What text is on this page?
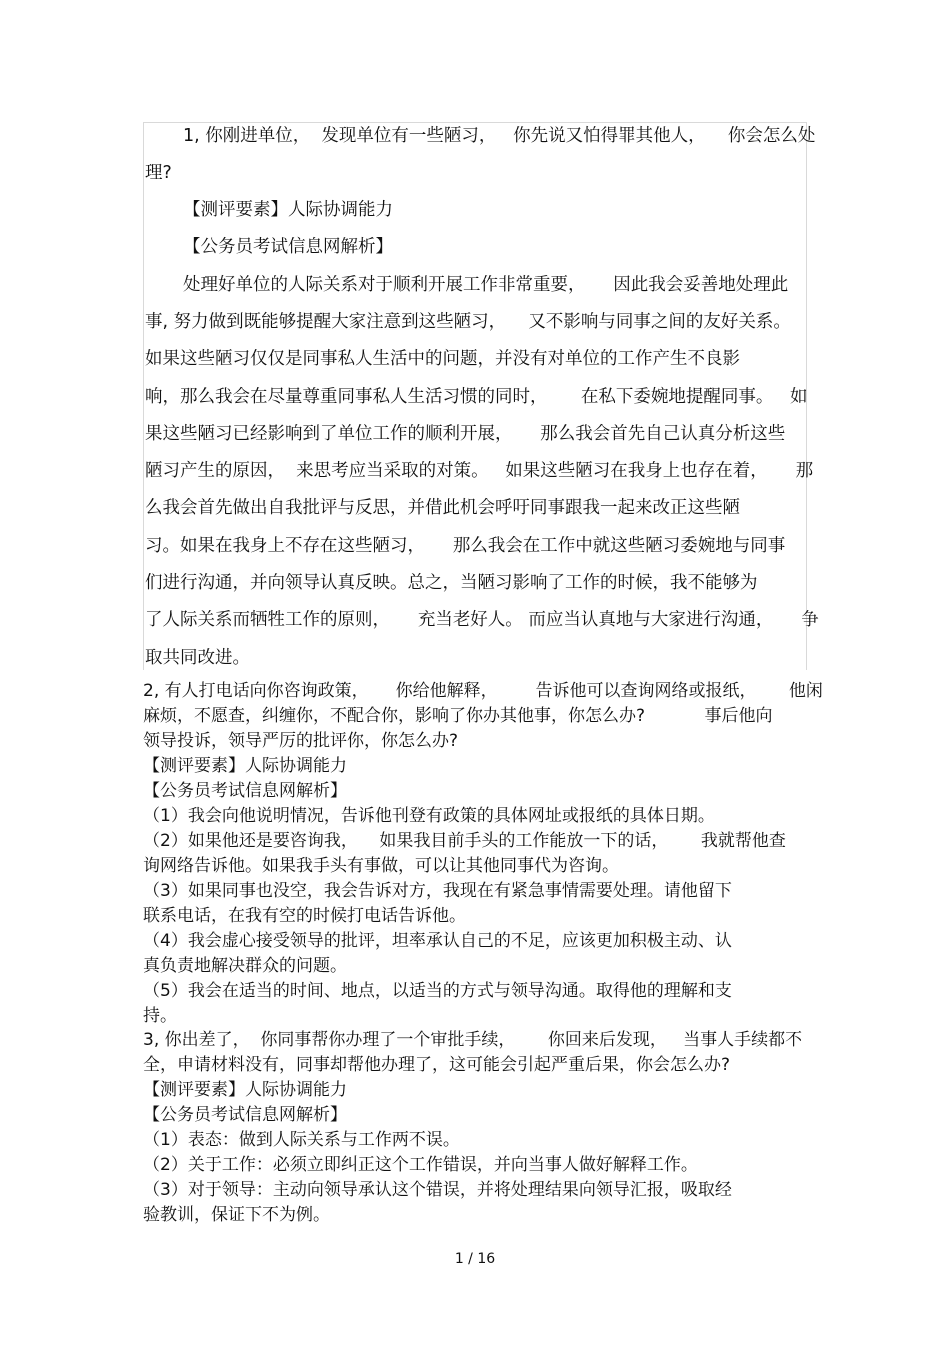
1, 你刚进单位，  发现单位有一些陋习，   你先说又怕得罪其他人，    你会怎么处
理?
【测评要素】人际协调能力
【公务员考试信息网解析】
处理好单位的人际关系对于顺利开展工作非常重要，     因此我会妥善地处理此
事, 努力做到既能够提醒大家注意到这些陋习，    又不影响与同事之间的友好关系。
如果这些陋习仅仅是同事私人生活中的问题，并没有对单位的工作产生不良影
响，那么我会在尽量尊重同事私人生活习惯的同时，      在私下委婉地提醒同事。   如
果这些陋习已经影响到了单位工作的顺利开展，     那么我会首先自己认真分析这些
陋习产生的原因，  来思考应当采取的对策。   如果这些陋习在我身上也存在着，     那
么我会首先做出自我批评与反思，并借此机会呼吁同事跟我一起来改正这些陋
习。如果在我身上不存在这些陋习，     那么我会在工作中就这些陋习委婉地与同事
们进行沟通，并向领导认真反映。总之，当陋习影响了工作的时候，我不能够为
了人际关系而牺牲工作的原则，     充当老好人。 而应当认真地与大家进行沟通，     争
取共同改进。
2, 有人打电话向你咨询政策，     你给他解释，       告诉他可以查询网络或报纸，      他闲
麻烦，不愿查，纠缠你，不配合你，影响了你办其他事，你怎么办?           事后他向
领导投诉，领导严厉的批评你，你怎么办?
【测评要素】人际协调能力
【公务员考试信息网解析】
（1）我会向他说明情况，告诉他刊登有政策的具体网址或报纸的具体日期。
（2）如果他还是要咨询我，    如果我目前手头的工作能放一下的话，      我就帮他查
询网络告诉他。如果我手头有事做，可以让其他同事代为咨询。
（3）如果同事也没空，我会告诉对方，我现在有紧急事情需要处理。请他留下
联系电话，在我有空的时候打电话告诉他。
（4）我会虚心接受领导的批评，坦率承认自己的不足，应该更加积极主动、认
真负责地解决群众的问题。
（5）我会在适当的时间、地点，以适当的方式与领导沟通。取得他的理解和支
持。
3, 你出差了，  你同事帮你办理了一个审批手续，      你回来后发现，   当事人手续都不
全，申请材料没有，同事却帮他办理了，这可能会引起严重后果，你会怎么办?
【测评要素】人际协调能力
【公务员考试信息网解析】
（1）表态：做到人际关系与工作两不误。
（2）关于工作：必须立即纠正这个工作错误，并向当事人做好解释工作。
（3）对于领导：主动向领导承认这个错误，并将处理结果向领导汇报，吸取经
验教训，保证下不为例。
1 / 16
